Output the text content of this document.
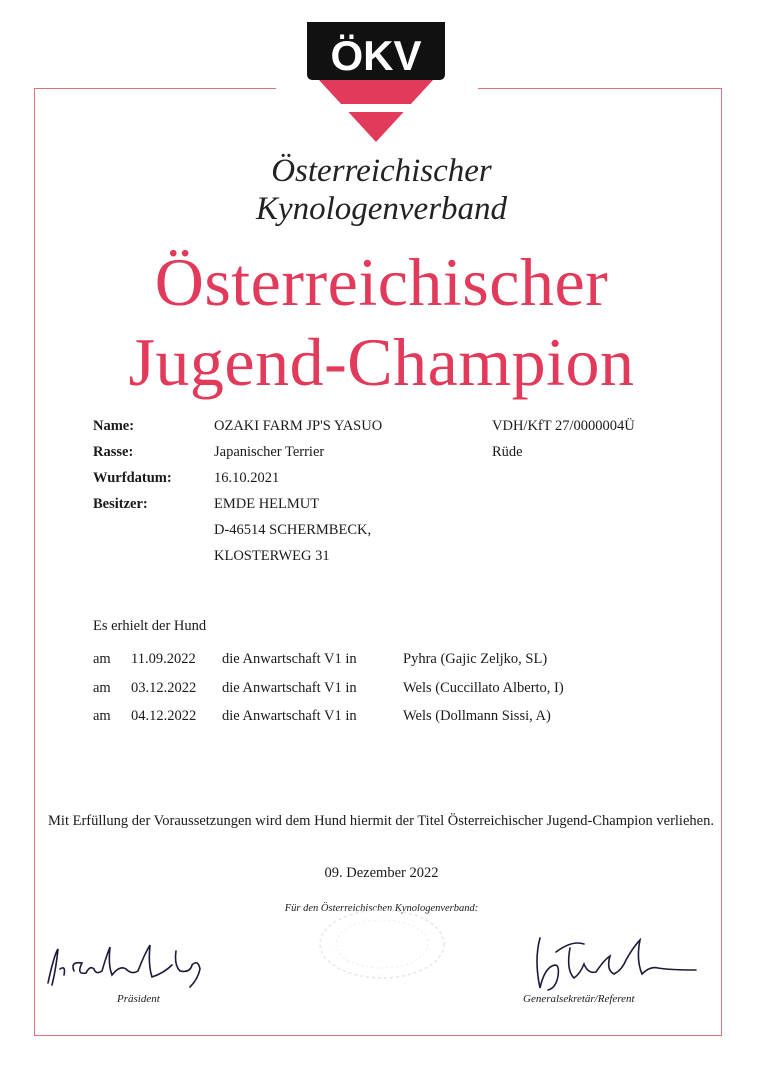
ÖKV
Österreichischer
Kynologenverband
Österreichischer
Jugend-Champion
Name:	OZAKI FARM JP'S YASUO	VDH/KfT 27/0000004Ü
Rasse:	Japanischer Terrier	Rüde
Wurfdatum:	16.10.2021
Besitzer:	EMDE HELMUT
D-46514 SCHERMBECK,
KLOSTERWEG 31
Es erhielt der Hund
am 11.09.2022 die Anwartschaft V1 in	Pyhra (Gajic Zeljko, SL)
am 03.12.2022 die Anwartschaft V1 in	Wels (Cuccillato Alberto, I)
am 04.12.2022 die Anwartschaft V1 in	Wels (Dollmann Sissi, A)
Mit Erfüllung der Voraussetzungen wird dem Hund hiermit der Titel Österreichischer Jugend-Champion verliehen.
09. Dezember 2022
Für den Österreichischen Kynologenverband:
Präsident	Generalsekretär/Referent
